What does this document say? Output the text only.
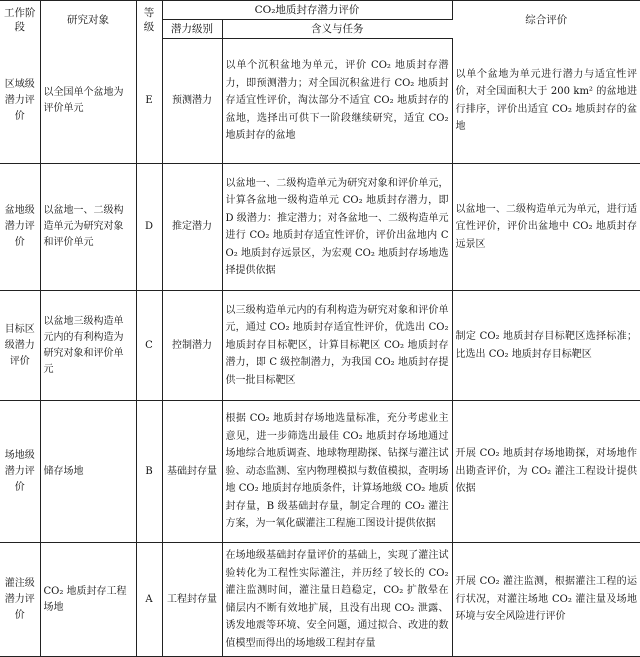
工作阶段	研究对象	等级	CO₂地质封存潜力评价		综合评价
			潜力级别	含义与任务	
区域级潜力评价	以全国单个盆地为评价单元	E	预测潜力	以单个沉积盆地为单元，评价 CO₂ 地质封存潜力，即预测潜力；对全国沉积盆进行 CO₂ 地质封存适宜性评价，淘汰部分不适宜 CO₂ 地质封存的盆地，选择出可供下一阶段继续研究，适宜 CO₂ 地质封存的盆地	以单个盆地为单元进行潜力与适宜性评价，对全国面积大于 200 km² 的盆地进行排序，评价出适宜 CO₂ 地质封存的盆地
盆地级潜力评价	以盆地一、二级构造单元为研究对象和评价单元	D	推定潜力	以盆地一、二级构造单元为研究对象和评价单元，计算各盆地一级构造单元 CO₂ 地质封存潜力，即 D 级潜力：推定潜力；对各盆地一、二级构造单元进行 CO₂ 地质封存适宜性评价，评价出盆地内 CO₂ 地质封存远景区，为宏观 CO₂ 地质封存场地选择提供依据	以盆地一、二级构造单元为单元，进行适宜性评价，评价出盆地中 CO₂ 地质封存远景区
目标区级潜力评价	以盆地三级构造单元内的有利构造为研究对象和评价单元	C	控制潜力	以三级构造单元内的有利构造为研究对象和评价单元，通过 CO₂ 地质封存适宜性评价，优选出 CO₂ 地质封存目标靶区，计算目标靶区 CO₂ 地质封存潜力，即 C 级控制潜力，为我国 CO₂ 地质封存提供一批目标靶区	制定 CO₂ 地质封存目标靶区选择标准；比选出 CO₂ 地质封存目标靶区
场地级潜力评价	储存场地	B	基础封存量	根据 CO₂ 地质封存场地选量标准，充分考虑业主意见，进一步筛选出最佳 CO₂ 地质封存场地通过场地综合地质调查、地球物理勘探、钻探与灌注试验、动态监测、室内物理模拟与数值模拟，查明场地 CO₂ 地质封存地质条件，计算场地级 CO₂ 地质封存量，B 级基础封存量，制定合理的 CO₂ 灌注方案，为一氧化碳灌注工程施工图设计提供依据	开展 CO₂ 地质封存场地勘探，对场地作出勘查评价，为 CO₂ 灌注工程设计提供依据
灌注级潜力评价	CO₂ 地质封存工程场地	A	工程封存量	在场地级基础封存量评价的基础上，实现了灌注试验转化为工程性实际灌注，并历经了较长的 CO₂ 灌注监测时间，灌注量日趋稳定，CO₂ 扩散晕在储层内不断有效地扩展，且没有出现 CO₂ 泄露、诱发地震等环境、安全问题，通过拟合、改进的数值模型而得出的场地级工程封存量	开展 CO₂ 灌注监测，根据灌注工程的运行状况，对灌注场地 CO₂ 灌注量及场地环境与安全风险进行评价
